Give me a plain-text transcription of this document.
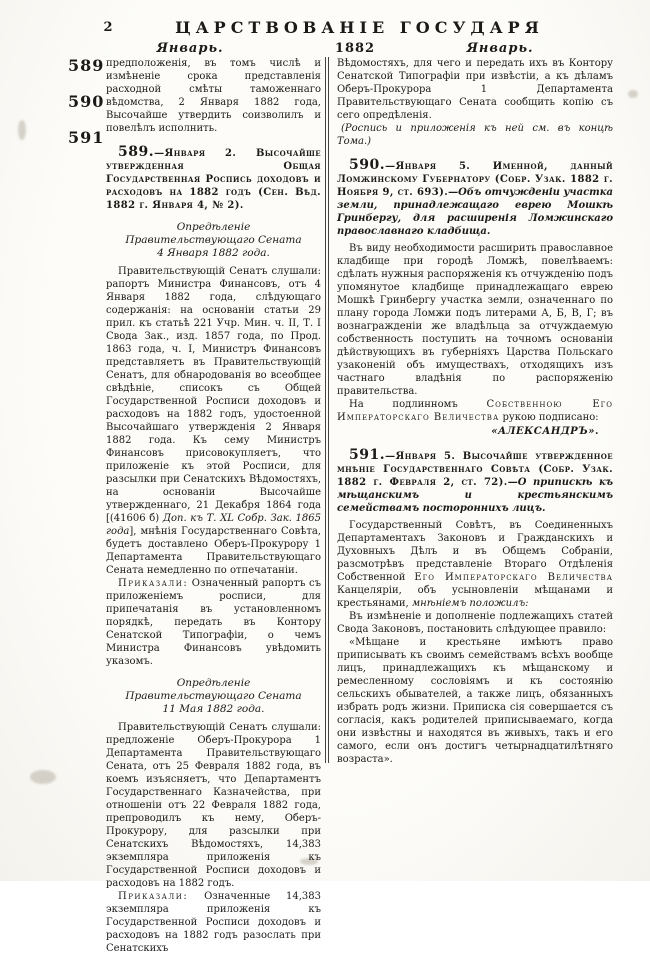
2	ЦАРСТВОВАНІЕ ГОСУДАРЯ
Январь.	1882	Январь.
589
590
591

предположенія, въ томъ числѣ и измѣненіе срока представленія расходной смѣты таможеннаго вѣдомства, 2 Января 1882 года, Высочайше утвердить соизволилъ и повелѣлъ исполнить.

589.—Января 2. Высочайше утвержденная Общая Государственная Роспись доходовъ и расходовъ на 1882 годъ (Сен. Вѣд. 1882 г. Января 4, № 2).

Опредѣленіе Правительствующаго Сената
4 Января 1882 года.

Правительствующій Сенатъ слушали: рапортъ Министра Финансовъ, отъ 4 Января 1882 года, слѣдующаго содержанія: на основаніи статьи 29 прил. къ статьѣ 221 Учр. Мин. ч. II, Т. I Свода Зак., изд. 1857 года, по Прод. 1863 года, ч. I, Министръ Финансовъ представляетъ въ Правительствующій Сенатъ, для обнародованія во всеобщее свѣдѣніе, списокъ съ Общей Государственной Росписи доходовъ и расходовъ на 1882 годъ, удостоенной Высочайшаго утвержденія 2 Января 1882 года. Къ сему Министръ Финансовъ присовокупляетъ, что приложеніе къ этой Росписи, для разсылки при Сенатскихъ Вѣдомостяхъ, на основаніи Высочайше утвержденнаго, 21 Декабря 1864 года [(41606 б) Доп. къ Т. XL Собр. Зак. 1865 года], мнѣнія Государственнаго Совѣта, будетъ доставлено Оберъ-Прокурору 1 Департамента Правительствующаго Сената немедленно по отпечатаніи.

Приказали: Означенный рапортъ съ приложеніемъ росписи, для припечатанія въ установленномъ порядкѣ, передать въ Контору Сенатской Типографіи, о чемъ Министра Финансовъ увѣдомить указомъ.

Опредѣленіе Правительствующаго Сената
11 Мая 1882 года.

Правительствующій Сенатъ слушали: предложеніе Оберъ-Прокурора 1 Департамента Правительствующаго Сената, отъ 25 Февраля 1882 года, въ коемъ изъясняетъ, что Департаментъ Государственнаго Казначейства, при отношеніи отъ 22 Февраля 1882 года, препроводилъ къ нему, Оберъ-Прокурору, для разсылки при Сенатскихъ Вѣдомостяхъ, 14,383 экземпляра приложенія къ Государственной Росписи доходовъ и расходовъ на 1882 годъ.

Приказали: Означенные 14,383 экземпляра приложенія къ Государственной Росписи доходовъ и расходовъ на 1882 годъ разослать при Сенатскихъ

Вѣдомостяхъ, для чего и передать ихъ въ Контору Сенатской Типографіи при извѣстіи, а къ дѣламъ Оберъ-Прокурора 1 Департамента Правительствующаго Сената сообщить копію съ сего опредѣленія.

(Роспись и приложенія къ ней см. въ концѣ Тома.)

590.—Января 5. Именной, данный Ломжинскому Губернатору (Собр. Узак. 1882 г. Ноября 9, ст. 693).—Объ отчужденіи участка земли, принадлежащаго еврею Мошкѣ Гринбергу, для расширенія Ломжинскаго православнаго кладбища.

Въ виду необходимости расширить православное кладбище при городѣ Ломжѣ, повелѣваемъ: сдѣлать нужныя распоряженія къ отчужденію подъ упомянутое кладбище принадлежащаго еврею Мошкѣ Гринбергу участка земли, означеннаго по плану города Ломжи подъ литерами А, Б, В, Г; въ вознагражденіи же владѣльца за отчуждаемую собственность поступить на точномъ основаніи дѣйствующихъ въ губерніяхъ Царства Польскаго узаконеній объ имуществахъ, отходящихъ изъ частнаго владѣнія по распоряженію правительства.

На подлинномъ Собственною Его Императорскаго Величества рукою подписано:

«АЛЕКСАНДРЪ».

591.—Января 5. Высочайше утвержденное мнѣніе Государственнаго Совѣта (Собр. Узак. 1882 г. Февраля 2, ст. 72).—О припискѣ къ мѣщанскимъ и крестьянскимъ семействамъ постороннихъ лицъ.

Государственный Совѣтъ, въ Соединенныхъ Департаментахъ Законовъ и Гражданскихъ и Духовныхъ Дѣлъ и въ Общемъ Собраніи, разсмотрѣвъ представленіе Втораго Отдѣленія Собственной Его Императорскаго Величества Канцеляріи, объ усыновленіи мѣщанами и крестьянами, мнѣніемъ положилъ:

Въ измѣненіе и дополненіе подлежащихъ статей Свода Законовъ, постановить слѣдующее правило:

«Мѣщане и крестьяне имѣютъ право приписывать къ своимъ семействамъ всѣхъ вообще лицъ, принадлежащихъ къ мѣщанскому и ремесленному сословіямъ и къ состоянію сельскихъ обывателей, а также лицъ, обязанныхъ избрать родъ жизни. Приписка сія совершается съ согласія, какъ родителей приписываемаго, когда они извѣстны и находятся въ живыхъ, такъ и его самого, если онъ достигъ четырнадцатилѣтняго возраста».
